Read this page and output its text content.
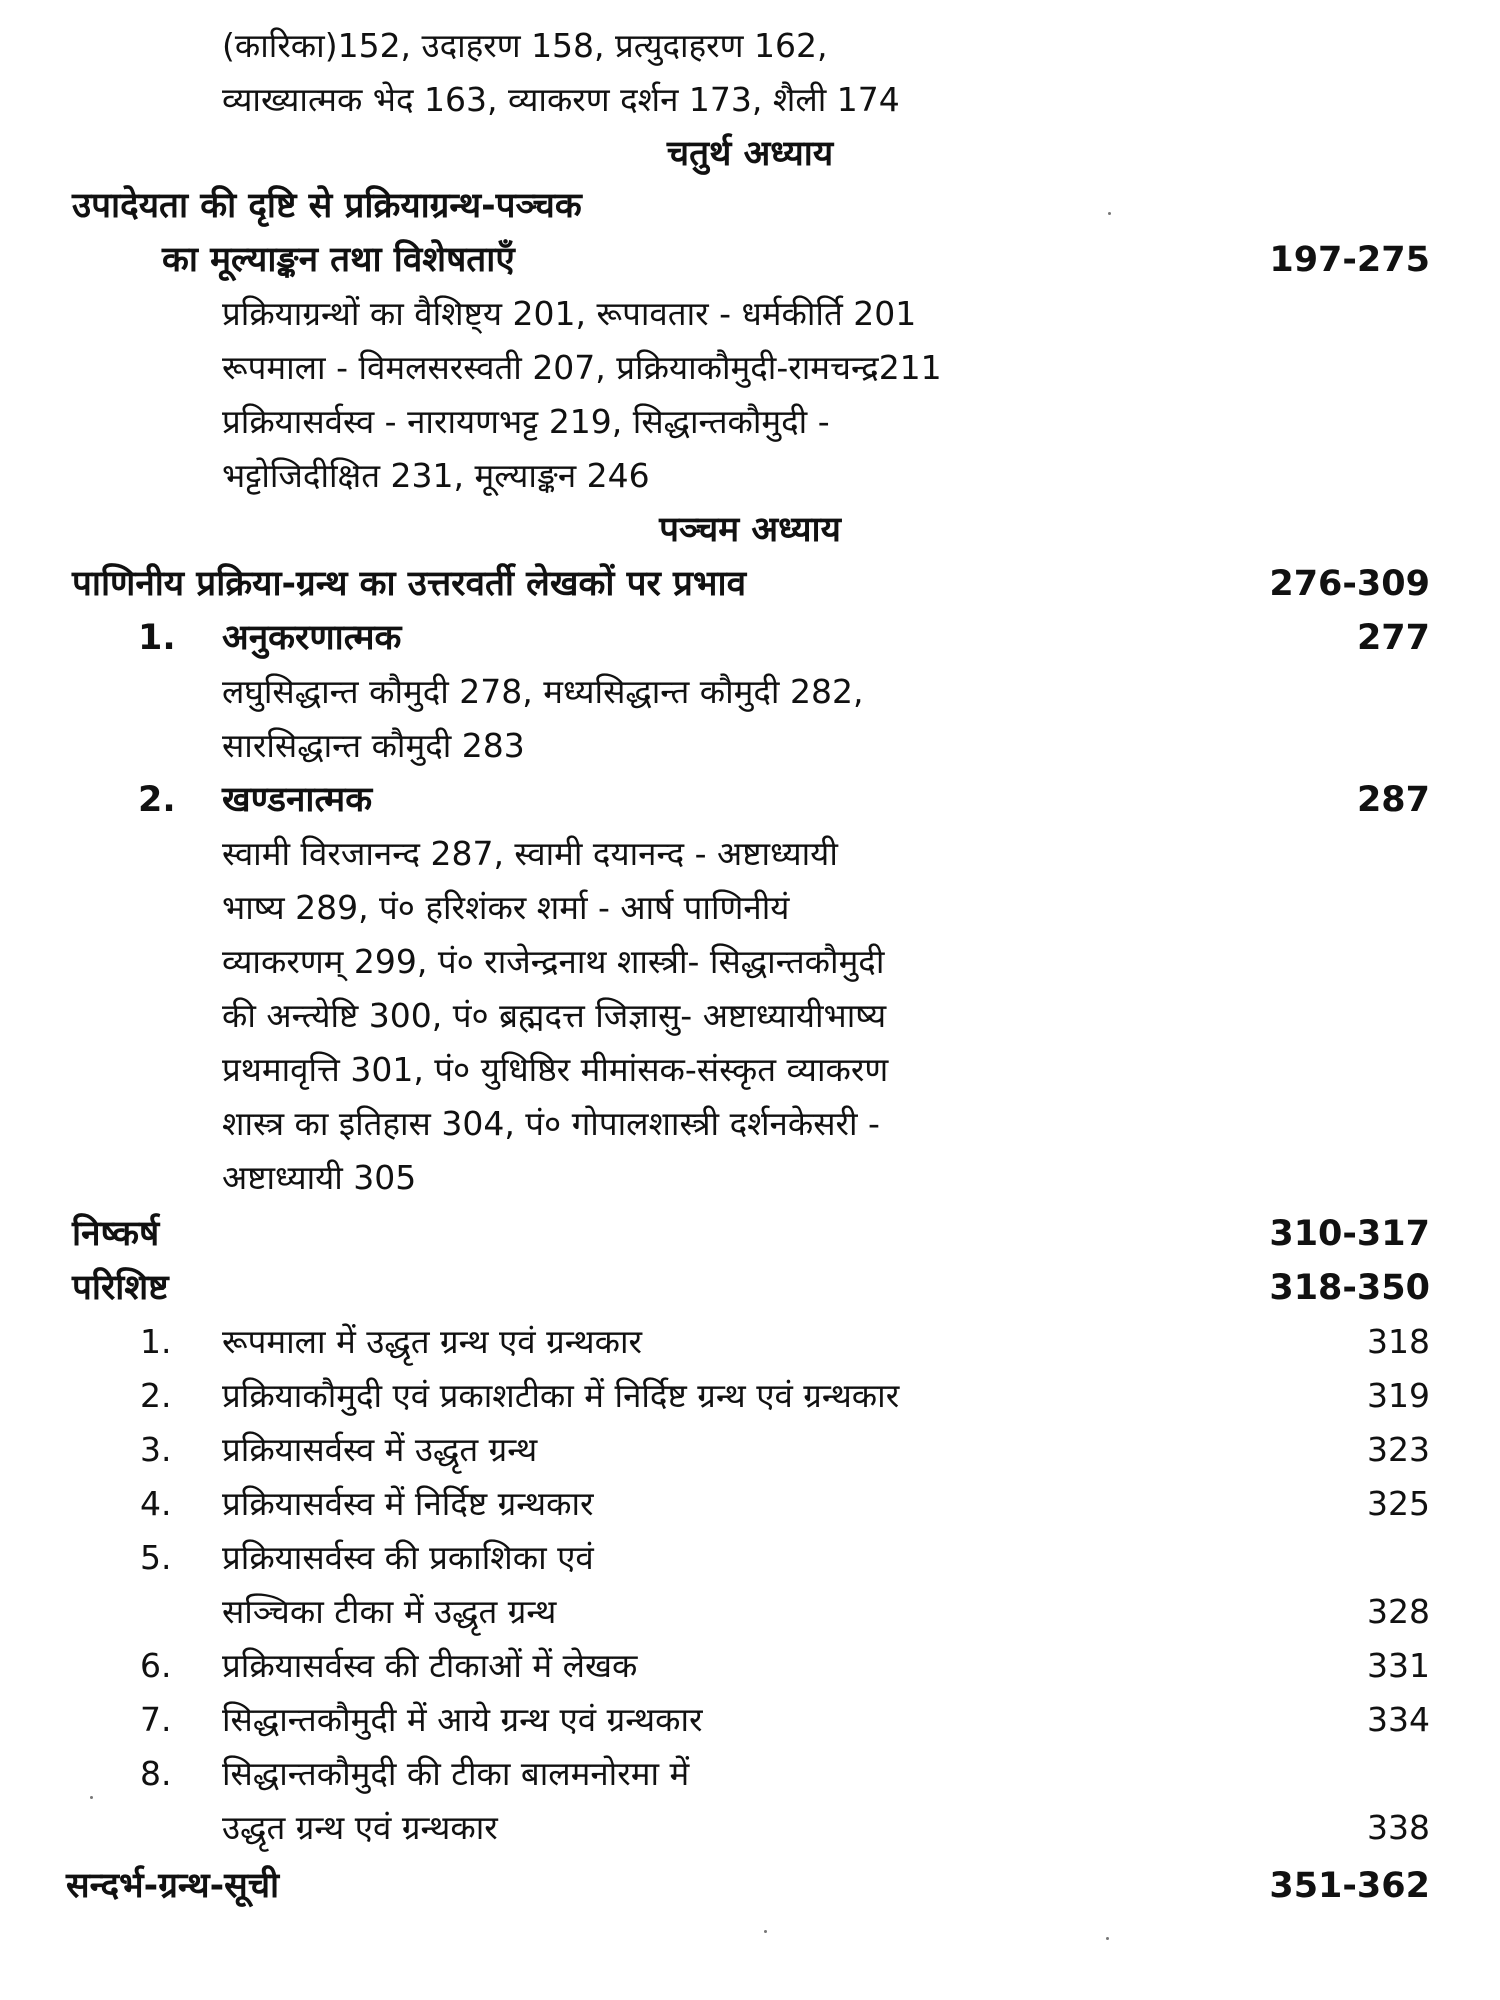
(कारिका)152, उदाहरण 158, प्रत्युदाहरण 162,
व्याख्यात्मक भेद 163, व्याकरण दर्शन 173, शैली 174
चतुर्थ अध्याय
उपादेयता की दृष्टि से प्रक्रियाग्रन्थ-पञ्चक
का मूल्याङ्कन तथा विशेषताएँ	197-275
प्रक्रियाग्रन्थों का वैशिष्ट्य 201, रूपावतार - धर्मकीर्ति 201
रूपमाला - विमलसरस्वती 207, प्रक्रियाकौमुदी-रामचन्द्र211
प्रक्रियासर्वस्व - नारायणभट्ट 219, सिद्धान्तकौमुदी -
भट्टोजिदीक्षित 231, मूल्याङ्कन 246
पञ्चम अध्याय
पाणिनीय प्रक्रिया-ग्रन्थ का उत्तरवर्ती लेखकों पर प्रभाव	276-309
1. अनुकरणात्मक	277
लघुसिद्धान्त कौमुदी 278, मध्यसिद्धान्त कौमुदी 282,
सारसिद्धान्त कौमुदी 283
2. खण्डनात्मक	287
स्वामी विरजानन्द 287, स्वामी दयानन्द - अष्टाध्यायी
भाष्य 289, पं० हरिशंकर शर्मा - आर्ष पाणिनीयं
व्याकरणम् 299, पं० राजेन्द्रनाथ शास्त्री- सिद्धान्तकौमुदी
की अन्त्येष्टि 300, पं० ब्रह्मदत्त जिज्ञासु- अष्टाध्यायीभाष्य
प्रथमावृत्ति 301, पं० युधिष्ठिर मीमांसक-संस्कृत व्याकरण
शास्त्र का इतिहास 304, पं० गोपालशास्त्री दर्शनकेसरी -
अष्टाध्यायी 305
निष्कर्ष	310-317
परिशिष्ट	318-350
1. रूपमाला में उद्धृत ग्रन्थ एवं ग्रन्थकार	318
2. प्रक्रियाकौमुदी एवं प्रकाशटीका में निर्दिष्ट ग्रन्थ एवं ग्रन्थकार	319
3. प्रक्रियासर्वस्व में उद्धृत ग्रन्थ	323
4. प्रक्रियासर्वस्व में निर्दिष्ट ग्रन्थकार	325
5. प्रक्रियासर्वस्व की प्रकाशिका एवं
सञ्चिका टीका में उद्धृत ग्रन्थ	328
6. प्रक्रियासर्वस्व की टीकाओं में लेखक	331
7. सिद्धान्तकौमुदी में आये ग्रन्थ एवं ग्रन्थकार	334
8. सिद्धान्तकौमुदी की टीका बालमनोरमा में
उद्धृत ग्रन्थ एवं ग्रन्थकार	338
सन्दर्भ-ग्रन्थ-सूची	351-362
